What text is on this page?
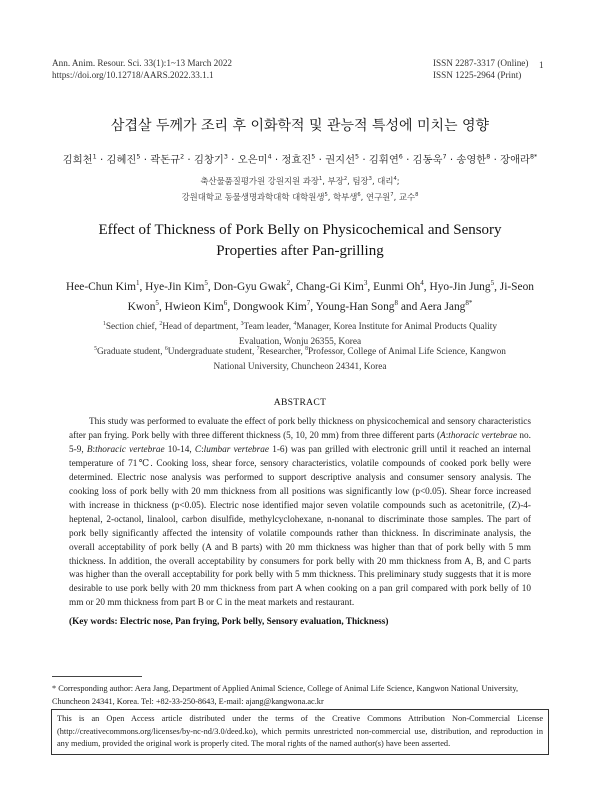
Ann. Anim. Resour. Sci. 33(1):1~13 March 2022
https://doi.org/10.12718/AARS.2022.33.1.1
ISSN 2287-3317 (Online)
ISSN 1225-2964 (Print)
1
삼겹살 두께가 조리 후 이화학적 및 관능적 특성에 미치는 영향
김희천$^1$ · 김혜진$^5$ · 곽돈규$^2$ · 김창기$^3$ · 오은미$^4$ · 정효진$^5$ · 권지선$^5$ · 김휘연$^6$ · 김동욱$^7$ · 송영한$^8$ · 장애라$^{8*}$
축산물품질평가원 강원지원 과장$^1$, 부장$^2$, 팀장$^3$, 대리$^4$;
강원대학교 동물생명과학대학 대학원생$^5$, 학부생$^6$, 연구원$^7$, 교수$^8$
Effect of Thickness of Pork Belly on Physicochemical and Sensory
Properties after Pan-grilling
Hee-Chun Kim$^1$, Hye-Jin Kim$^5$, Don-Gyu Gwak$^2$, Chang-Gi Kim$^3$, Eunmi Oh$^4$, Hyo-Jin Jung$^5$, Ji-Seon
Kwon$^5$, Hwieon Kim$^6$, Dongwook Kim$^7$, Young-Han Song$^8$ and Aera Jang$^{8*}$
$^1$Section chief, $^2$Head of department, $^3$Team leader, $^4$Manager, Korea Institute for Animal Products Quality
Evaluation, Wonju 26355, Korea
$^5$Graduate student, $^6$Undergraduate student, $^7$Researcher, $^8$Professor, College of Animal Life Science, Kangwon
National University, Chuncheon 24341, Korea
ABSTRACT

This study was performed to evaluate the effect of pork belly thickness on physicochemical and sensory characteristics after pan frying. Pork belly with three different thickness (5, 10, 20 mm) from three different parts (A:thoracic vertebrae no. 5-9, B:thoracic vertebrae 10-14, C:lumbar vertebrae 1-6) was pan grilled with electronic grill until it reached an internal temperature of 71℃. Cooking loss, shear force, sensory characteristics, volatile compounds of cooked pork belly were determined. Electric nose analysis was performed to support descriptive analysis and consumer sensory analysis. The cooking loss of pork belly with 20 mm thickness from all positions was significantly low (p<0.05). Shear force increased with increase in thickness (p<0.05). Electric nose identified major seven volatile compounds such as acetonitrile, (Z)-4-heptenal, 2-octanol, linalool, carbon disulfide, methylcyclohexane, n-nonanal to discriminate those samples. The part of pork belly significantly affected the intensity of volatile compounds rather than thickness. In discriminate analysis, the overall acceptability of pork belly (A and B parts) with 20 mm thickness was higher than that of pork belly with 5 mm thickness. In addition, the overall acceptability by consumers for pork belly with 20 mm thickness from A, B, and C parts was higher than the overall acceptability for pork belly with 5 mm thickness. This preliminary study suggests that it is more desirable to use pork belly with 20 mm thickness from part A when cooking on a pan gril compared with pork belly of 10 mm or 20 mm thickness from part B or C in the meat markets and restaurant.

(Key words: Electric nose, Pan frying, Pork belly, Sensory evaluation, Thickness)
* Corresponding author: Aera Jang, Department of Applied Animal Science, College of Animal Life Science, Kangwon National University, Chuncheon 24341, Korea. Tel: +82-33-250-8643, E-mail: ajang@kangwona.ac.kr
This is an Open Access article distributed under the terms of the Creative Commons Attribution Non-Commercial License (http://creativecommons.org/licenses/by-nc-nd/3.0/deed.ko), which permits unrestricted non-commercial use, distribution, and reproduction in any medium, provided the original work is properly cited. The moral rights of the named author(s) have been asserted.
